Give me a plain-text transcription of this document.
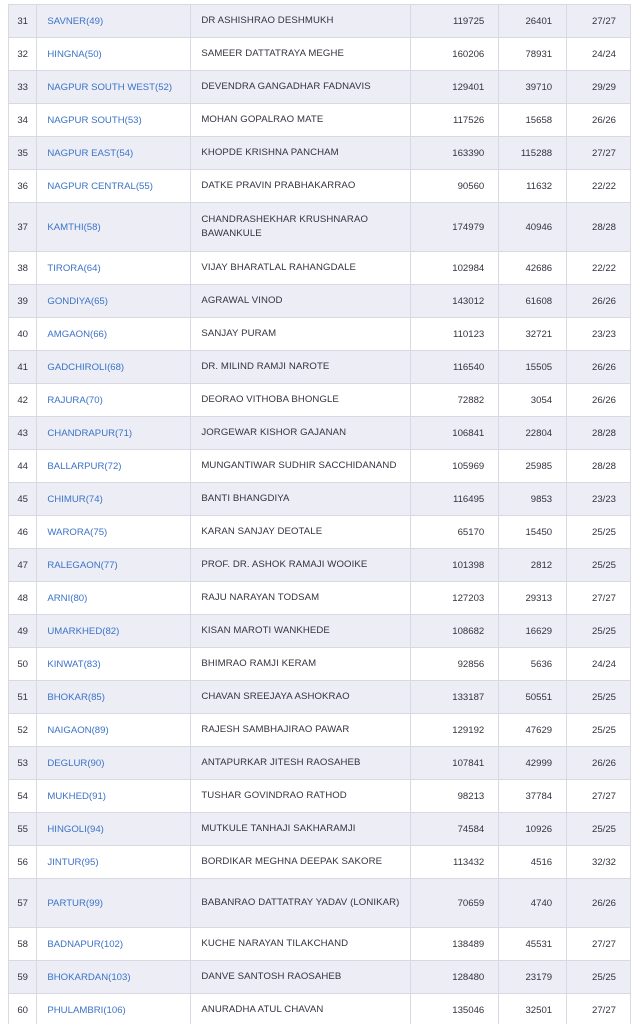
31	SAVNER(49)	DR ASHISHRAO DESHMUKH	119725	26401	27/27
32	HINGNA(50)	SAMEER DATTATRAYA MEGHE	160206	78931	24/24
33	NAGPUR SOUTH WEST(52)	DEVENDRA GANGADHAR FADNAVIS	129401	39710	29/29
34	NAGPUR SOUTH(53)	MOHAN GOPALRAO MATE	117526	15658	26/26
35	NAGPUR EAST(54)	KHOPDE KRISHNA PANCHAM	163390	115288	27/27
36	NAGPUR CENTRAL(55)	DATKE PRAVIN PRABHAKARRAO	90560	11632	22/22
37	KAMTHI(58)	CHANDRASHEKHAR KRUSHNARAO BAWANKULE	174979	40946	28/28
38	TIRORA(64)	VIJAY BHARATLAL RAHANGDALE	102984	42686	22/22
39	GONDIYA(65)	AGRAWAL VINOD	143012	61608	26/26
40	AMGAON(66)	SANJAY PURAM	110123	32721	23/23
41	GADCHIROLI(68)	DR. MILIND RAMJI NAROTE	116540	15505	26/26
42	RAJURA(70)	DEORAO VITHOBA BHONGLE	72882	3054	26/26
43	CHANDRAPUR(71)	JORGEWAR KISHOR GAJANAN	106841	22804	28/28
44	BALLARPUR(72)	MUNGANTIWAR SUDHIR SACCHIDANAND	105969	25985	28/28
45	CHIMUR(74)	BANTI BHANGDIYA	116495	9853	23/23
46	WARORA(75)	KARAN SANJAY DEOTALE	65170	15450	25/25
47	RALEGAON(77)	PROF. DR. ASHOK RAMAJI WOOIKE	101398	2812	25/25
48	ARNI(80)	RAJU NARAYAN TODSAM	127203	29313	27/27
49	UMARKHED(82)	KISAN MAROTI WANKHEDE	108682	16629	25/25
50	KINWAT(83)	BHIMRAO RAMJI KERAM	92856	5636	24/24
51	BHOKAR(85)	CHAVAN SREEJAYA ASHOKRAO	133187	50551	25/25
52	NAIGAON(89)	RAJESH SAMBHAJIRAO PAWAR	129192	47629	25/25
53	DEGLUR(90)	ANTAPURKAR JITESH RAOSAHEB	107841	42999	26/26
54	MUKHED(91)	TUSHAR GOVINDRAO RATHOD	98213	37784	27/27
55	HINGOLI(94)	MUTKULE TANHAJI SAKHARAMJI	74584	10926	25/25
56	JINTUR(95)	BORDIKAR MEGHNA DEEPAK SAKORE	113432	4516	32/32
57	PARTUR(99)	BABANRAO DATTATRAY YADAV (LONIKAR)	70659	4740	26/26
58	BADNAPUR(102)	KUCHE NARAYAN TILAKCHAND	138489	45531	27/27
59	BHOKARDAN(103)	DANVE SANTOSH RAOSAHEB	128480	23179	25/25
60	PHULAMBRI(106)	ANURADHA ATUL CHAVAN	135046	32501	27/27
